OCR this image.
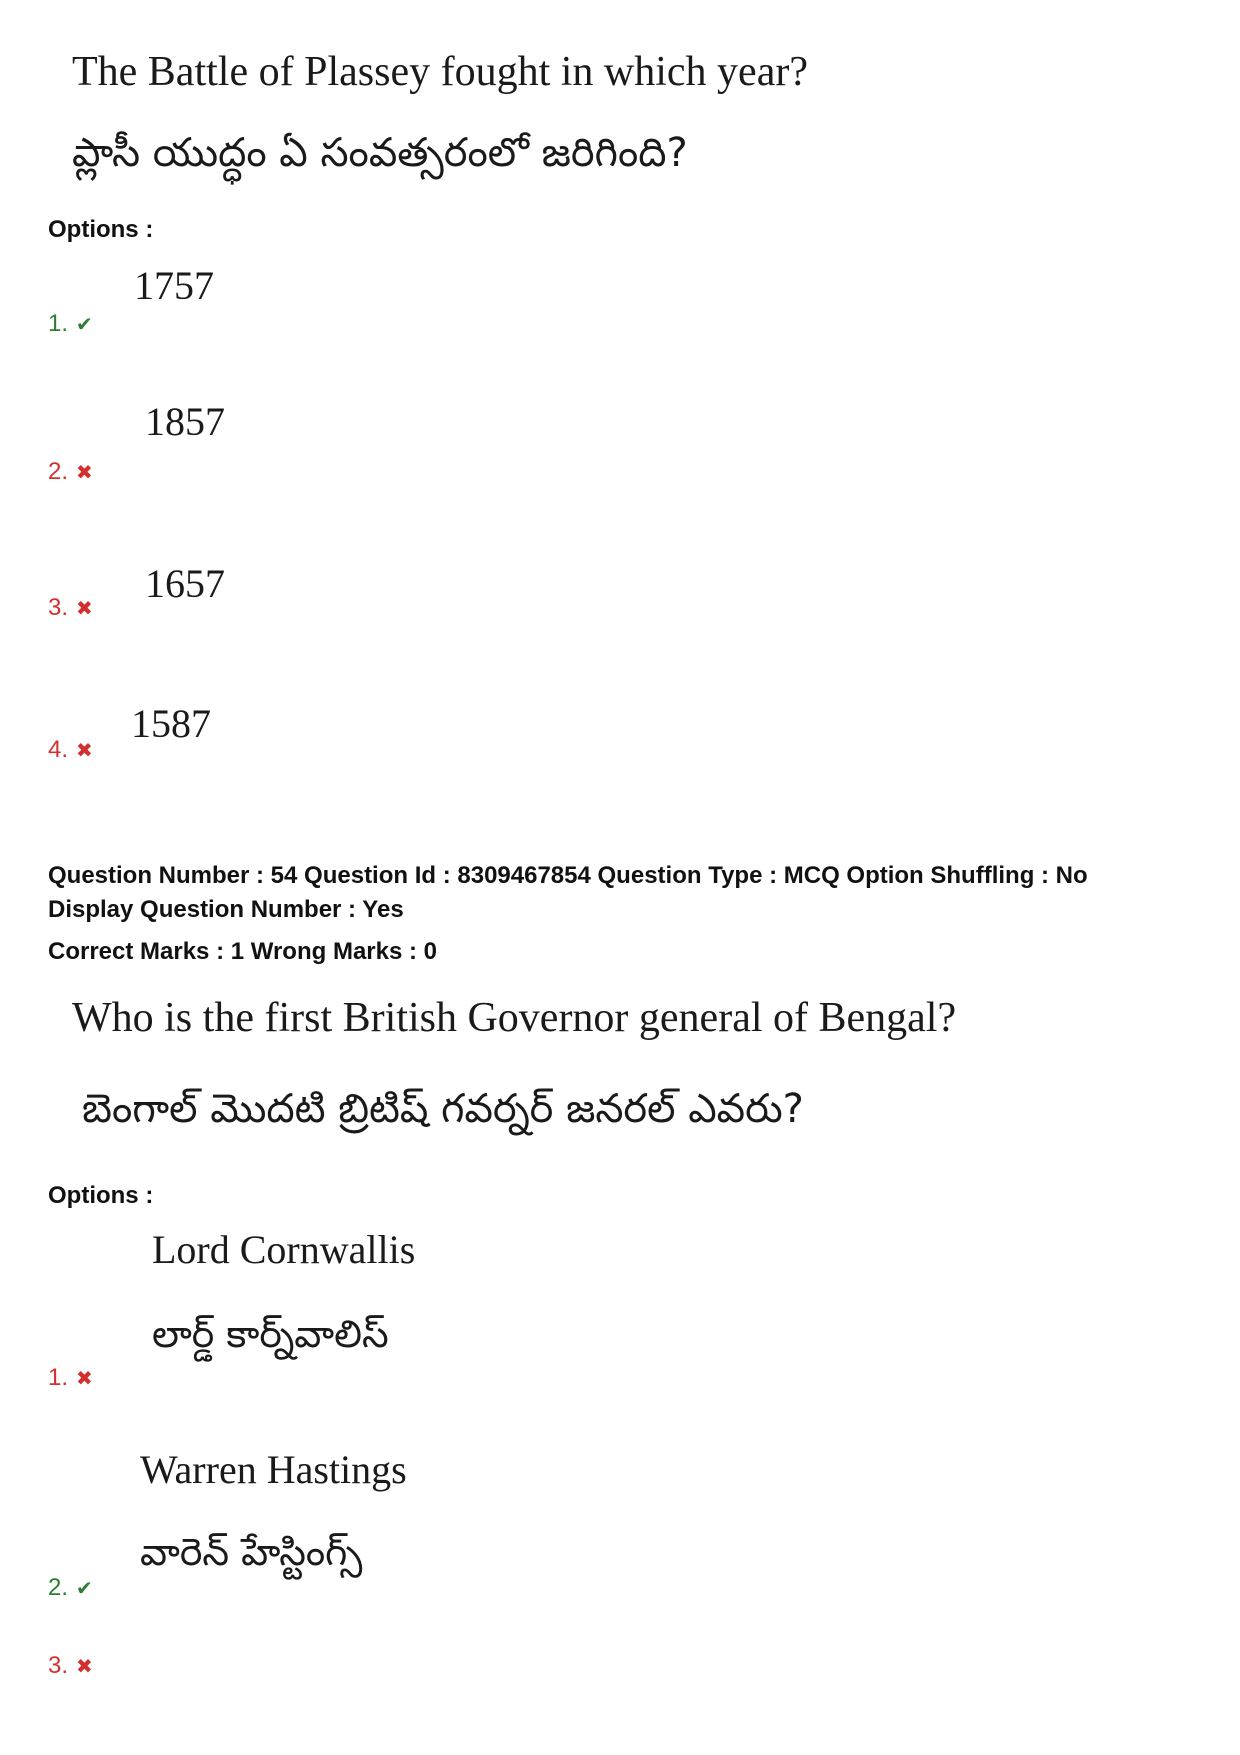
The Battle of Plassey fought in which year?
ప్లాసీ యుద్ధం ఏ సంవత్సరంలో జరిగింది?
Options :
1757
1. ✔
1857
2. ✖
1657
3. ✖
1587
4. ✖
Question Number : 54 Question Id : 8309467854 Question Type : MCQ Option Shuffling : No
Display Question Number : Yes
Correct Marks : 1 Wrong Marks : 0
Who is the first British Governor general of Bengal?
బెంగాల్ మొదటి బ్రిటిష్ గవర్నర్ జనరల్ ఎవరు?
Options :
Lord Cornwallis
లార్డ్ కార్న్‌వాలిస్
1. ✖
Warren Hastings
వారెన్ హేస్టింగ్స్
2. ✔
3. ✖
